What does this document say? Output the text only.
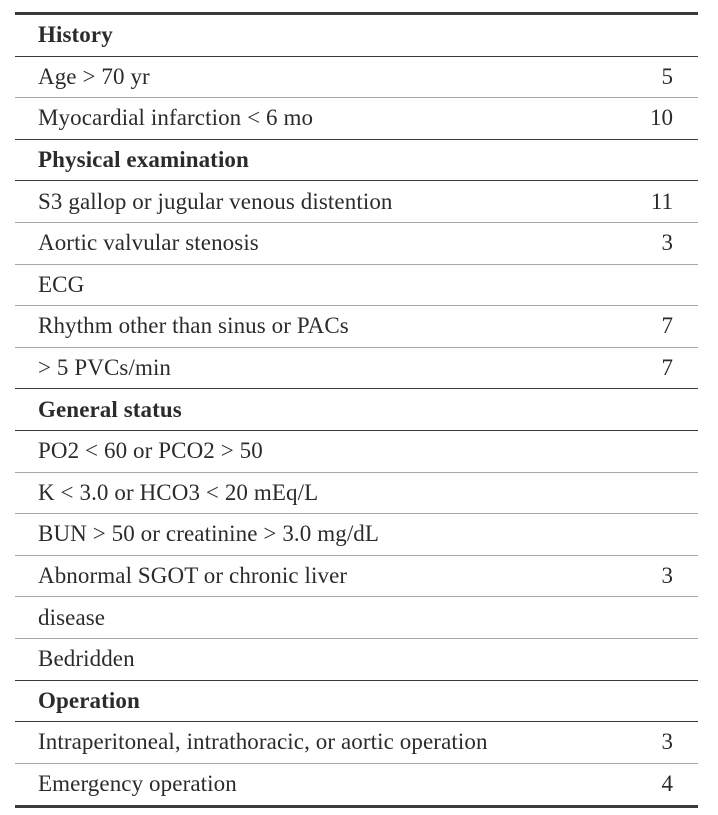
History
Age > 70 yr	5
Myocardial infarction < 6 mo	10
Physical examination
S3 gallop or jugular venous distention	11
Aortic valvular stenosis	3
ECG
Rhythm other than sinus or PACs	7
> 5 PVCs/min	7
General status
PO2 < 60 or PCO2 > 50
K < 3.0 or HCO3 < 20 mEq/L
BUN > 50 or creatinine > 3.0 mg/dL
Abnormal SGOT or chronic liver	3
disease
Bedridden
Operation
Intraperitoneal, intrathoracic, or aortic operation	3
Emergency operation	4
